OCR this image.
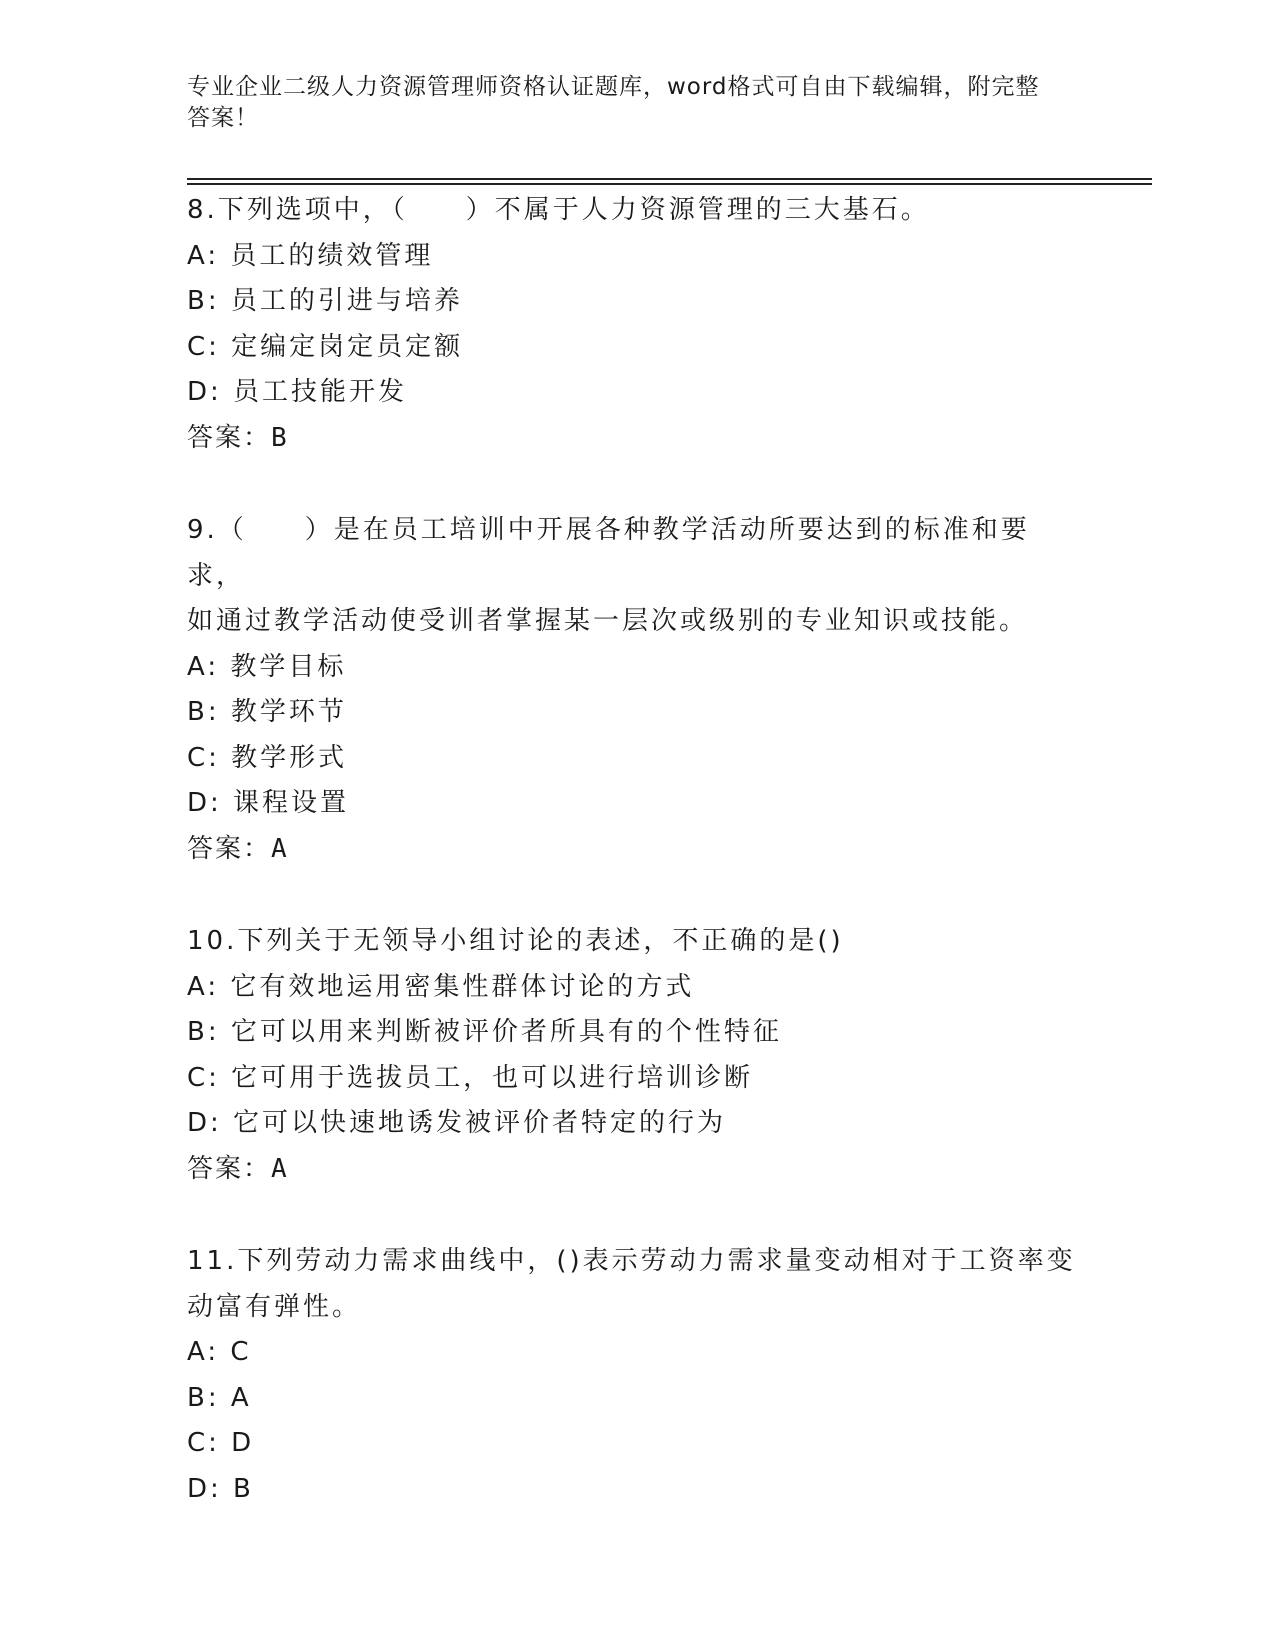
专业企业二级人力资源管理师资格认证题库，word格式可自由下载编辑，附完整
答案！
8.下列选项中，（　　）不属于人力资源管理的三大基石。
A: 员工的绩效管理
B: 员工的引进与培养
C: 定编定岗定员定额
D: 员工技能开发
答案：B
9.（　　）是在员工培训中开展各种教学活动所要达到的标准和要求，
如通过教学活动使受训者掌握某一层次或级别的专业知识或技能。
A: 教学目标
B: 教学环节
C: 教学形式
D: 课程设置
答案：A
10.下列关于无领导小组讨论的表述，不正确的是()
A: 它有效地运用密集性群体讨论的方式
B: 它可以用来判断被评价者所具有的个性特征
C: 它可用于选拔员工，也可以进行培训诊断
D: 它可以快速地诱发被评价者特定的行为
答案：A
11.下列劳动力需求曲线中，()表示劳动力需求量变动相对于工资率变
动富有弹性。
A: C
B: A
C: D
D: B
